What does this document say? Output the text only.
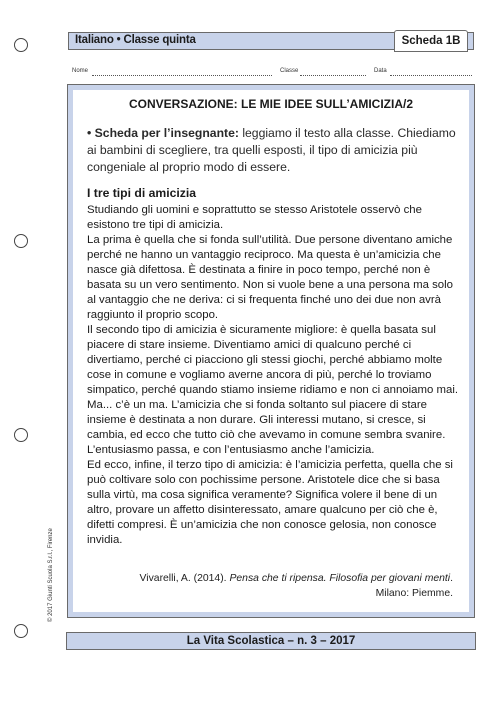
Italiano • Classe quinta	Scheda 1B
Nome	Classe	Data
CONVERSAZIONE: LE MIE IDEE SULL’AMICIZIA/2
• Scheda per l’insegnante: leggiamo il testo alla classe. Chiediamo ai bambini di scegliere, tra quelli esposti, il tipo di amicizia più congeniale al proprio modo di essere.
I tre tipi di amicizia

Studiando gli uomini e soprattutto se stesso Aristotele osservò che esistono tre tipi di amicizia.

La prima è quella che si fonda sull’utilità. Due persone diventano amiche perché ne hanno un vantaggio reciproco. Ma questa è un’amicizia che nasce già difettosa. È destinata a finire in poco tempo, perché non è basata su un vero sentimento. Non si vuole bene a una persona ma solo al vantaggio che ne deriva: ci si frequenta finché uno dei due non avrà raggiunto il proprio scopo.

Il secondo tipo di amicizia è sicuramente migliore: è quella basata sul piacere di stare insieme. Diventiamo amici di qualcuno perché ci divertiamo, perché ci piacciono gli stessi giochi, perché abbiamo molte cose in comune e vogliamo averne ancora di più, perché lo troviamo simpatico, perché quando stiamo insieme ridiamo e non ci annoiamo mai. Ma... c’è un ma. L’amicizia che si fonda soltanto sul piacere di stare insieme è destinata a non durare. Gli interessi mutano, si cresce, si cambia, ed ecco che tutto ciò che avevamo in comune sembra svanire. L’entusiasmo passa, e con l’entusiasmo anche l’amicizia.

Ed ecco, infine, il terzo tipo di amicizia: è l’amicizia perfetta, quella che si può coltivare solo con pochissime persone. Aristotele dice che si basa sulla virtù, ma cosa significa veramente? Significa volere il bene di un altro, provare un affetto disinteressato, amare qualcuno per ciò che è, difetti compresi. È un’amicizia che non conosce gelosia, non conosce invidia.

Vivarelli, A. (2014). Pensa che ti ripensa. Filosofia per giovani menti.
Milano: Piemme.
La Vita Scolastica – n. 3 – 2017
© 2017 Giunti Scuola S.r.l., Firenze
